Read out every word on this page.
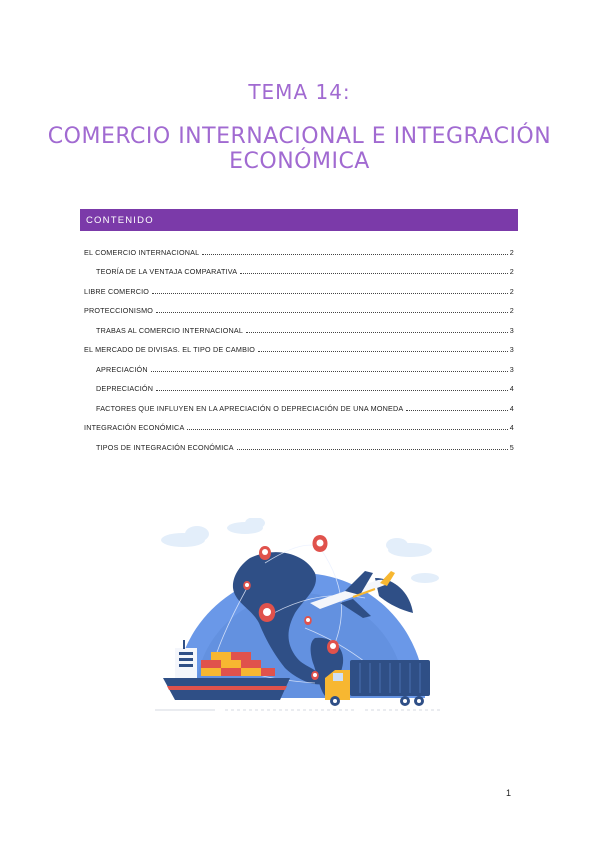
TEMA 14:
COMERCIO INTERNACIONAL E INTEGRACIÓN ECONÓMICA
CONTENIDO
EL COMERCIO INTERNACIONAL	2
TEORÍA DE LA VENTAJA COMPARATIVA	2
LIBRE COMERCIO	2
PROTECCIONISMO	2
TRABAS AL COMERCIO INTERNACIONAL	3
EL MERCADO DE DIVISAS. EL TIPO DE CAMBIO	3
APRECIACIÓN	3
DEPRECIACIÓN	4
FACTORES QUE INFLUYEN EN LA APRECIACIÓN O DEPRECIACIÓN DE UNA MONEDA	4
INTEGRACIÓN ECONÓMICA	4
TIPOS DE INTEGRACIÓN ECONÓMICA	5
1
